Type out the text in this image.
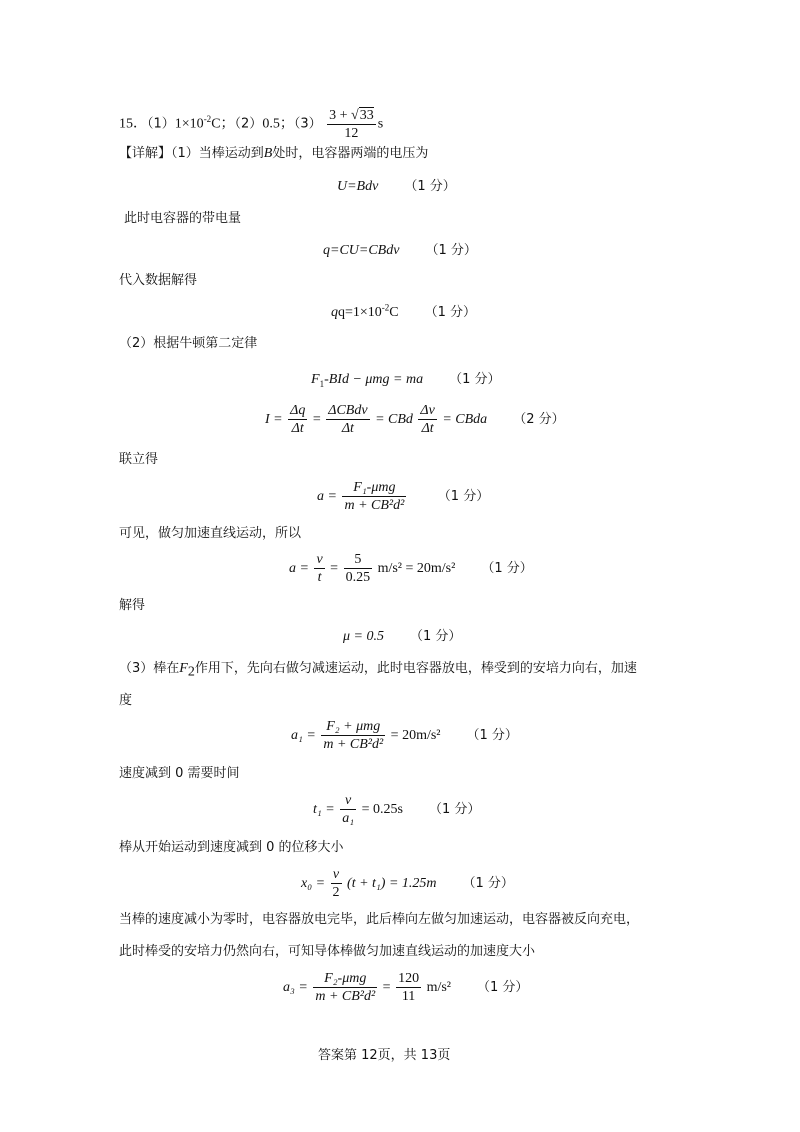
15．$(1)1\times 10^{-2}C$；（2）0.5；$(3) \frac{3 + √33}{12}$ s
【详解】（1）当棒运动到B处时，电容器两端的电压为
U=Bdv （1 分）
此时电容器的带电量
q=CU=CBdv （1 分）
代入数据解得
$qq=1\times 10^{-2}C$ （1 分）
（2）根据牛顿第二定律
$F_1$-BId − μmg = ma （1 分）
$I = \frac{\Delta q}{\Delta t} = \frac{\text{ΔCBdv}}{\Delta t}$ = CBd $\frac{\Delta v}{\Delta t}$ = CBda （2 分）
联立得
$a = \frac{\text{F₁-μmg}}{\text{m + CB²d²}} (1$ 分）
可见，做匀加速直线运动，所以
$a = \frac{v}{t} = \frac{5}{0.25} m/s^2 = 20m/s^2$ （1 分）
解得
μ = 0.5 （1 分）
（3）棒在$F_2$作用下，先向右做匀减速运动，此时电容器放电，棒受到的安培力向右，加速
度
$a_1 = \frac{\text{F₂ + μmg}}{\text{m + CB²d²}} = 20m/s^2$ （1 分）
速度减到 0 需要时间
$t_1 = \frac{v}{\text{a₁}} = 0.25s$ （1 分）
棒从开始运动到速度减到 0 的位移大小
$x_0 = \frac{v}{2} (t + t_1) = 1.25m$ （1 分）
当棒的速度减小为零时，电容器放电完毕，此后棒向左做匀加速运动，电容器被反向充电，
此时棒受的安培力仍然向右，可知导体棒做匀加速直线运动的加速度大小
$a_3 = \frac{\text{F₂-μmg}}{\text{m + CB²d²}} = \frac{120}{11} m/s^2$ （1 分）
答案第 12页，共 13页
